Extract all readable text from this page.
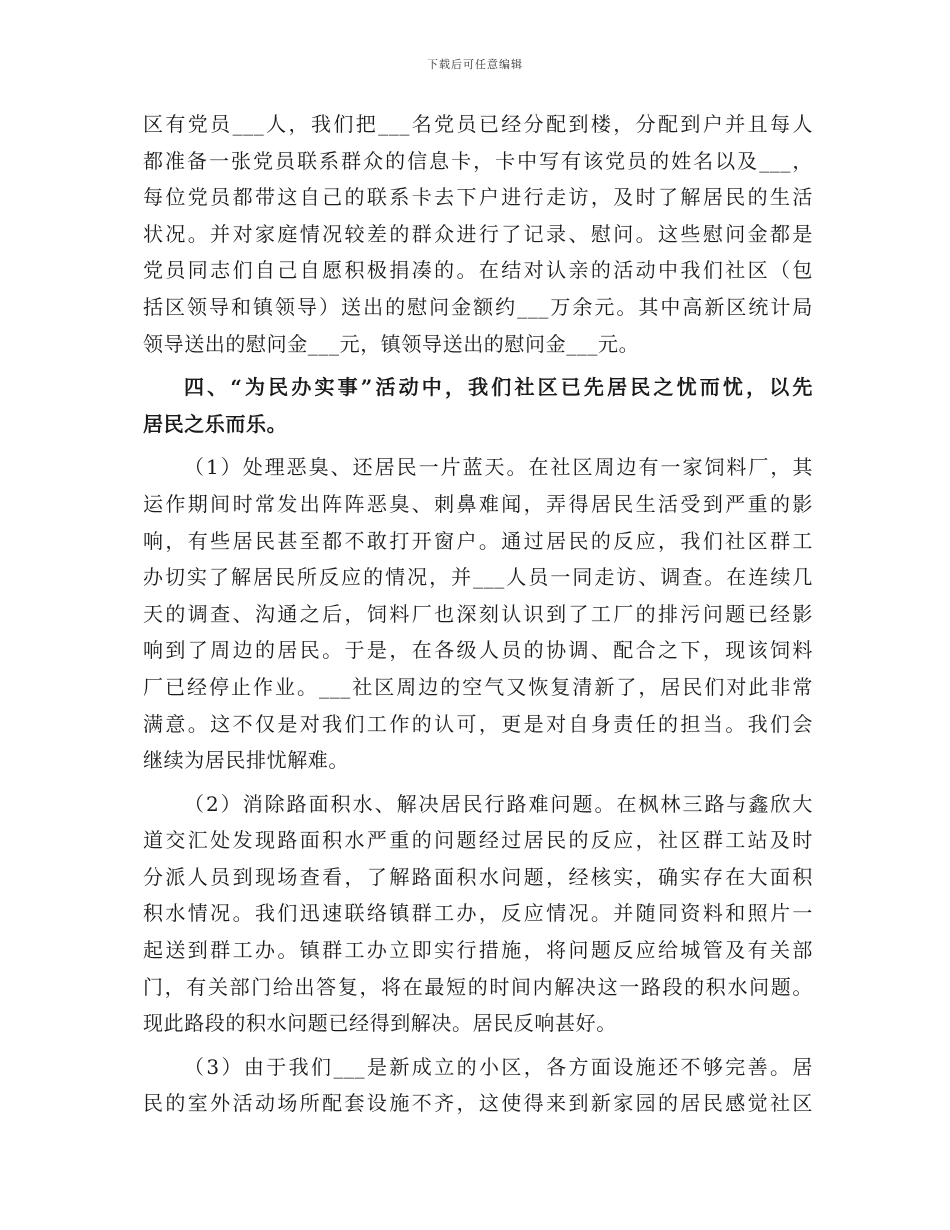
下载后可任意编辑
区有党员___人，我们把___名党员已经分配到楼，分配到户并且每人
都准备一张党员联系群众的信息卡，卡中写有该党员的姓名以及___，
每位党员都带这自己的联系卡去下户进行走访，及时了解居民的生活
状况。并对家庭情况较差的群众进行了记录、慰问。这些慰问金都是
党员同志们自己自愿积极捐凑的。在结对认亲的活动中我们社区（包
括区领导和镇领导）送出的慰问金额约___万余元。其中高新区统计局
领导送出的慰问金___元，镇领导送出的慰问金___元。
四、“为民办实事”活动中，我们社区已先居民之忧而忧，以先
居民之乐而乐。
（1）处理恶臭、还居民一片蓝天。在社区周边有一家饲料厂，其
运作期间时常发出阵阵恶臭、刺鼻难闻，弄得居民生活受到严重的影
响，有些居民甚至都不敢打开窗户。通过居民的反应，我们社区群工
办切实了解居民所反应的情况，并___人员一同走访、调查。在连续几
天的调查、沟通之后，饲料厂也深刻认识到了工厂的排污问题已经影
响到了周边的居民。于是，在各级人员的协调、配合之下，现该饲料
厂已经停止作业。___社区周边的空气又恢复清新了，居民们对此非常
满意。这不仅是对我们工作的认可，更是对自身责任的担当。我们会
继续为居民排忧解难。
（2）消除路面积水、解决居民行路难问题。在枫林三路与鑫欣大
道交汇处发现路面积水严重的问题经过居民的反应，社区群工站及时
分派人员到现场查看，了解路面积水问题，经核实，确实存在大面积
积水情况。我们迅速联络镇群工办，反应情况。并随同资料和照片一
起送到群工办。镇群工办立即实行措施，将问题反应给城管及有关部
门，有关部门给出答复，将在最短的时间内解决这一路段的积水问题。
现此路段的积水问题已经得到解决。居民反响甚好。
（3）由于我们___是新成立的小区，各方面设施还不够完善。居
民的室外活动场所配套设施不齐，这使得来到新家园的居民感觉社区
